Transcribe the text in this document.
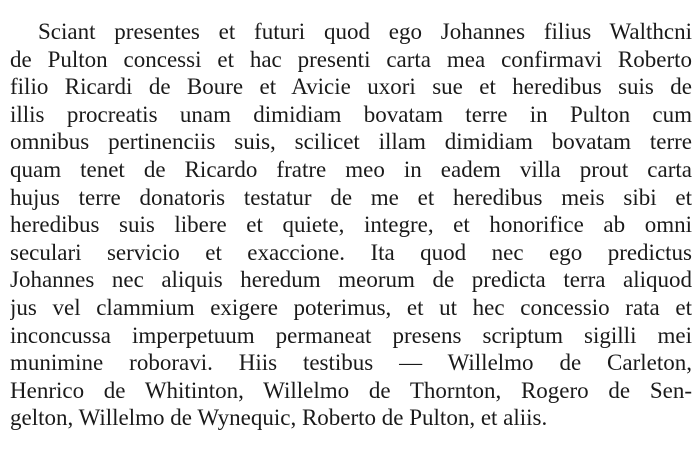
Sciant presentes et futuri quod ego Johannes filius Walthcni
de Pulton concessi et hac presenti carta mea confirmavi Roberto
filio Ricardi de Boure et Avicie uxori sue et heredibus suis de
illis procreatis unam dimidiam bovatam terre in Pulton cum
omnibus pertinenciis suis, scilicet illam dimidiam bovatam terre
quam tenet de Ricardo fratre meo in eadem villa prout carta
hujus terre donatoris testatur de me et heredibus meis sibi et
heredibus suis libere et quiete, integre, et honorifice ab omni
seculari servicio et exaccione. Ita quod nec ego predictus
Johannes nec aliquis heredum meorum de predicta terra aliquod
jus vel clammium exigere poterimus, et ut hec concessio rata et
inconcussa imperpetuum permaneat presens scriptum sigilli mei
munimine roboravi. Hiis testibus — Willelmo de Carleton,
Henrico de Whitinton, Willelmo de Thornton, Rogero de Sen-
gelton, Willelmo de Wynequic, Roberto de Pulton, et aliis.
